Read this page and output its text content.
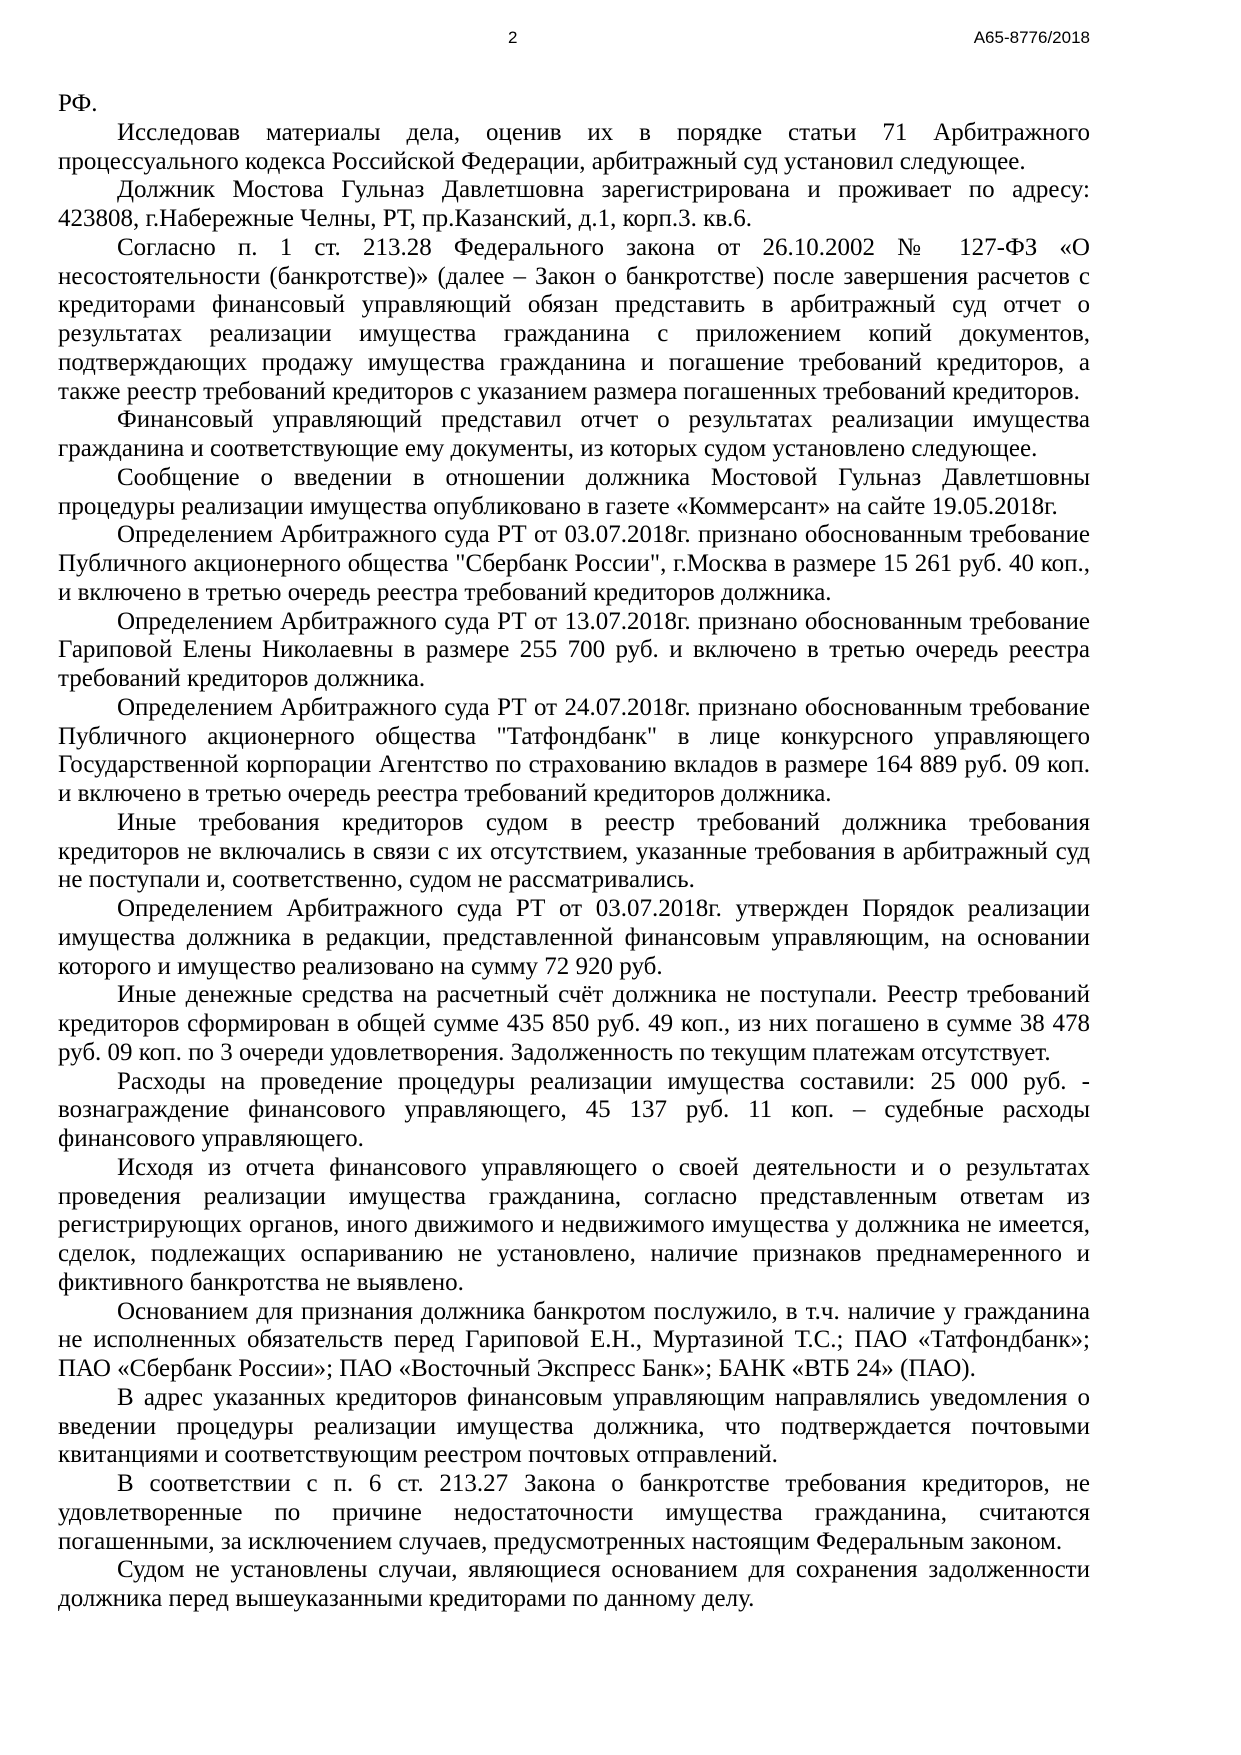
2	А65-8776/2018
РФ.
Исследовав материалы дела, оценив их в порядке статьи 71 Арбитражного
процессуального кодекса Российской Федерации, арбитражный суд установил следующее.
Должник Мостова Гульназ Давлетшовна зарегистрирована и проживает по адресу:
423808, г.Набережные Челны, РТ, пр.Казанский, д.1, корп.3. кв.6.
Согласно п. 1 ст. 213.28 Федерального закона от 26.10.2002 № 127-ФЗ «О
несостоятельности (банкротстве)» (далее – Закон о банкротстве) после завершения расчетов с
кредиторами финансовый управляющий обязан представить в арбитражный суд отчет о
результатах реализации имущества гражданина с приложением копий документов,
подтверждающих продажу имущества гражданина и погашение требований кредиторов, а
также реестр требований кредиторов с указанием размера погашенных требований кредиторов.
Финансовый управляющий представил отчет о результатах реализации имущества
гражданина и соответствующие ему документы, из которых судом установлено следующее.
Сообщение о введении в отношении должника Мостовой Гульназ Давлетшовны
процедуры реализации имущества опубликовано в газете «Коммерсант» на сайте 19.05.2018г.
Определением Арбитражного суда РТ от 03.07.2018г. признано обоснованным требование
Публичного акционерного общества "Сбербанк России", г.Москва в размере 15 261 руб. 40 коп.,
и включено в третью очередь реестра требований кредиторов должника.
Определением Арбитражного суда РТ от 13.07.2018г. признано обоснованным требование
Гариповой Елены Николаевны в размере 255 700 руб. и включено в третью очередь реестра
требований кредиторов должника.
Определением Арбитражного суда РТ от 24.07.2018г. признано обоснованным требование
Публичного акционерного общества "Татфондбанк" в лице конкурсного управляющего
Государственной корпорации Агентство по страхованию вкладов в размере 164 889 руб. 09 коп.
и включено в третью очередь реестра требований кредиторов должника.
Иные требования кредиторов судом в реестр требований должника требования
кредиторов не включались в связи с их отсутствием, указанные требования в арбитражный суд
не поступали и, соответственно, судом не рассматривались.
Определением Арбитражного суда РТ от 03.07.2018г. утвержден Порядок реализации
имущества должника в редакции, представленной финансовым управляющим, на основании
которого и имущество реализовано на сумму 72 920 руб.
Иные денежные средства на расчетный счёт должника не поступали. Реестр требований
кредиторов сформирован в общей сумме 435 850 руб. 49 коп., из них погашено в сумме 38 478
руб. 09 коп. по 3 очереди удовлетворения. Задолженность по текущим платежам отсутствует.
Расходы на проведение процедуры реализации имущества составили: 25 000 руб. -
вознаграждение финансового управляющего, 45 137 руб. 11 коп. – судебные расходы
финансового управляющего.
Исходя из отчета финансового управляющего о своей деятельности и о результатах
проведения реализации имущества гражданина, согласно представленным ответам из
регистрирующих органов, иного движимого и недвижимого имущества у должника не имеется,
сделок, подлежащих оспариванию не установлено, наличие признаков преднамеренного и
фиктивного банкротства не выявлено.
Основанием для признания должника банкротом послужило, в т.ч. наличие у гражданина
не исполненных обязательств перед Гариповой Е.Н., Муртазиной Т.С.; ПАО «Татфондбанк»;
ПАО «Сбербанк России»; ПАО «Восточный Экспресс Банк»; БАНК «ВТБ 24» (ПАО).
В адрес указанных кредиторов финансовым управляющим направлялись уведомления о
введении процедуры реализации имущества должника, что подтверждается почтовыми
квитанциями и соответствующим реестром почтовых отправлений.
В соответствии с п. 6 ст. 213.27 Закона о банкротстве требования кредиторов, не
удовлетворенные по причине недостаточности имущества гражданина, считаются
погашенными, за исключением случаев, предусмотренных настоящим Федеральным законом.
Судом не установлены случаи, являющиеся основанием для сохранения задолженности
должника перед вышеуказанными кредиторами по данному делу.
